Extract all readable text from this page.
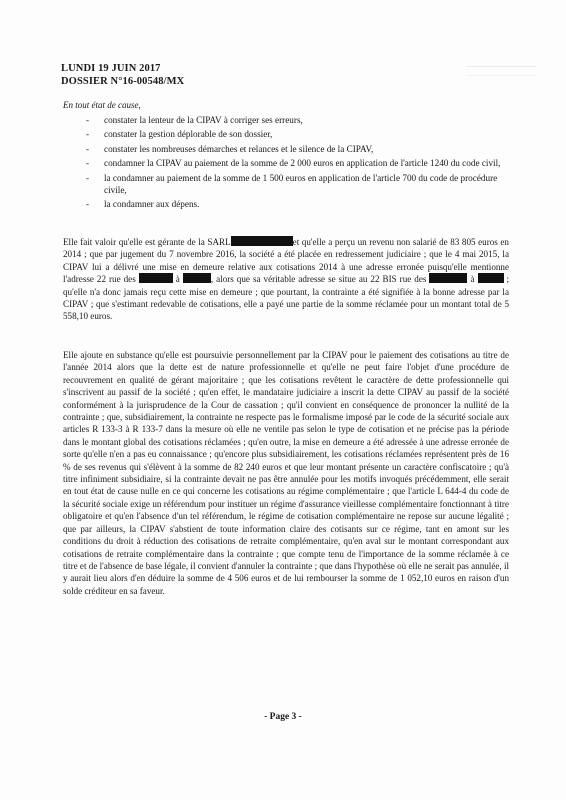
LUNDI 19 JUIN 2017
DOSSIER N°16-00548/MX
En tout état de cause,
- constater la lenteur de la CIPAV à corriger ses erreurs,
- constater la gestion déplorable de son dossier,
- constater les nombreuses démarches et relances et le silence de la CIPAV,
- condamner la CIPAV au paiement de la somme de 2 000 euros en application de l'article 1240 du code civil,
- la condamner au paiement de la somme de 1 500 euros en application de l'article 700 du code de procédure civile,
- la condamner aux dépens.

Elle fait valoir qu'elle est gérante de la SARL	et qu'elle a perçu un revenu non salarié de 83 805 euros en 2014 ; que par jugement du 7 novembre 2016, la société a été placée en redressement judiciaire ; que le 4 mai 2015, la CIPAV lui a délivré une mise en demeure relative aux cotisations 2014 à une adresse erronée puisqu'elle mentionne l'adresse 22 rue des	à	, alors que sa véritable adresse se situe au 22 BIS rue des	à	; qu'elle n'a donc jamais reçu cette mise en demeure ; que pourtant, la contrainte a été signifiée à la bonne adresse par la CIPAV ; que s'estimant redevable de cotisations, elle a payé une partie de la somme réclamée pour un montant total de 5 558,10 euros.

Elle ajoute en substance qu'elle est poursuivie personnellement par la CIPAV pour le paiement des cotisations au titre de l'année 2014 alors que la dette est de nature professionnelle et qu'elle ne peut faire l'objet d'une procédure de recouvrement en qualité de gérant majoritaire ; que les cotisations revêtent le caractère de dette professionnelle qui s'inscrivent au passif de la société ; qu'en effet, le mandataire judiciaire a inscrit la dette CIPAV au passif de la société conformément à la jurisprudence de la Cour de cassation ; qu'il convient en conséquence de prononcer la nullité de la contrainte ; que, subsidiairement, la contrainte ne respecte pas le formalisme imposé par le code de la sécurité sociale aux articles R 133-3 à R 133-7 dans la mesure où elle ne ventile pas selon le type de cotisation et ne précise pas la période dans le montant global des cotisations réclamées ; qu'en outre, la mise en demeure a été adressée à une adresse erronée de sorte qu'elle n'en a pas eu connaissance ; qu'encore plus subsidiairement, les cotisations réclamées représentent près de 16 % de ses revenus qui s'élèvent à la somme de 82 240 euros et que leur montant présente un caractère confiscatoire ; qu'à titre infiniment subsidiaire, si la contrainte devait ne pas être annulée pour les motifs invoqués précédemment, elle serait en tout état de cause nulle en ce qui concerne les cotisations au régime complémentaire ; que l'article L 644-4 du code de la sécurité sociale exige un référendum pour instituer un régime d'assurance vieillesse complémentaire fonctionnant à titre obligatoire et qu'en l'absence d'un tel référendum, le régime de cotisation complémentaire ne repose sur aucune légalité ; que par ailleurs, la CIPAV s'abstient de toute information claire des cotisants sur ce régime, tant en amont sur les conditions du droit à réduction des cotisations de retraite complémentaire, qu'en aval sur le montant correspondant aux cotisations de retraite complémentaire dans la contrainte ; que compte tenu de l'importance de la somme réclamée à ce titre et de l'absence de base légale, il convient d'annuler la contrainte ; que dans l'hypothèse où elle ne serait pas annulée, il y aurait lieu alors d'en déduire la somme de 4 506 euros et de lui rembourser la somme de 1 052,10 euros en raison d'un solde créditeur en sa faveur.

- Page 3 -
